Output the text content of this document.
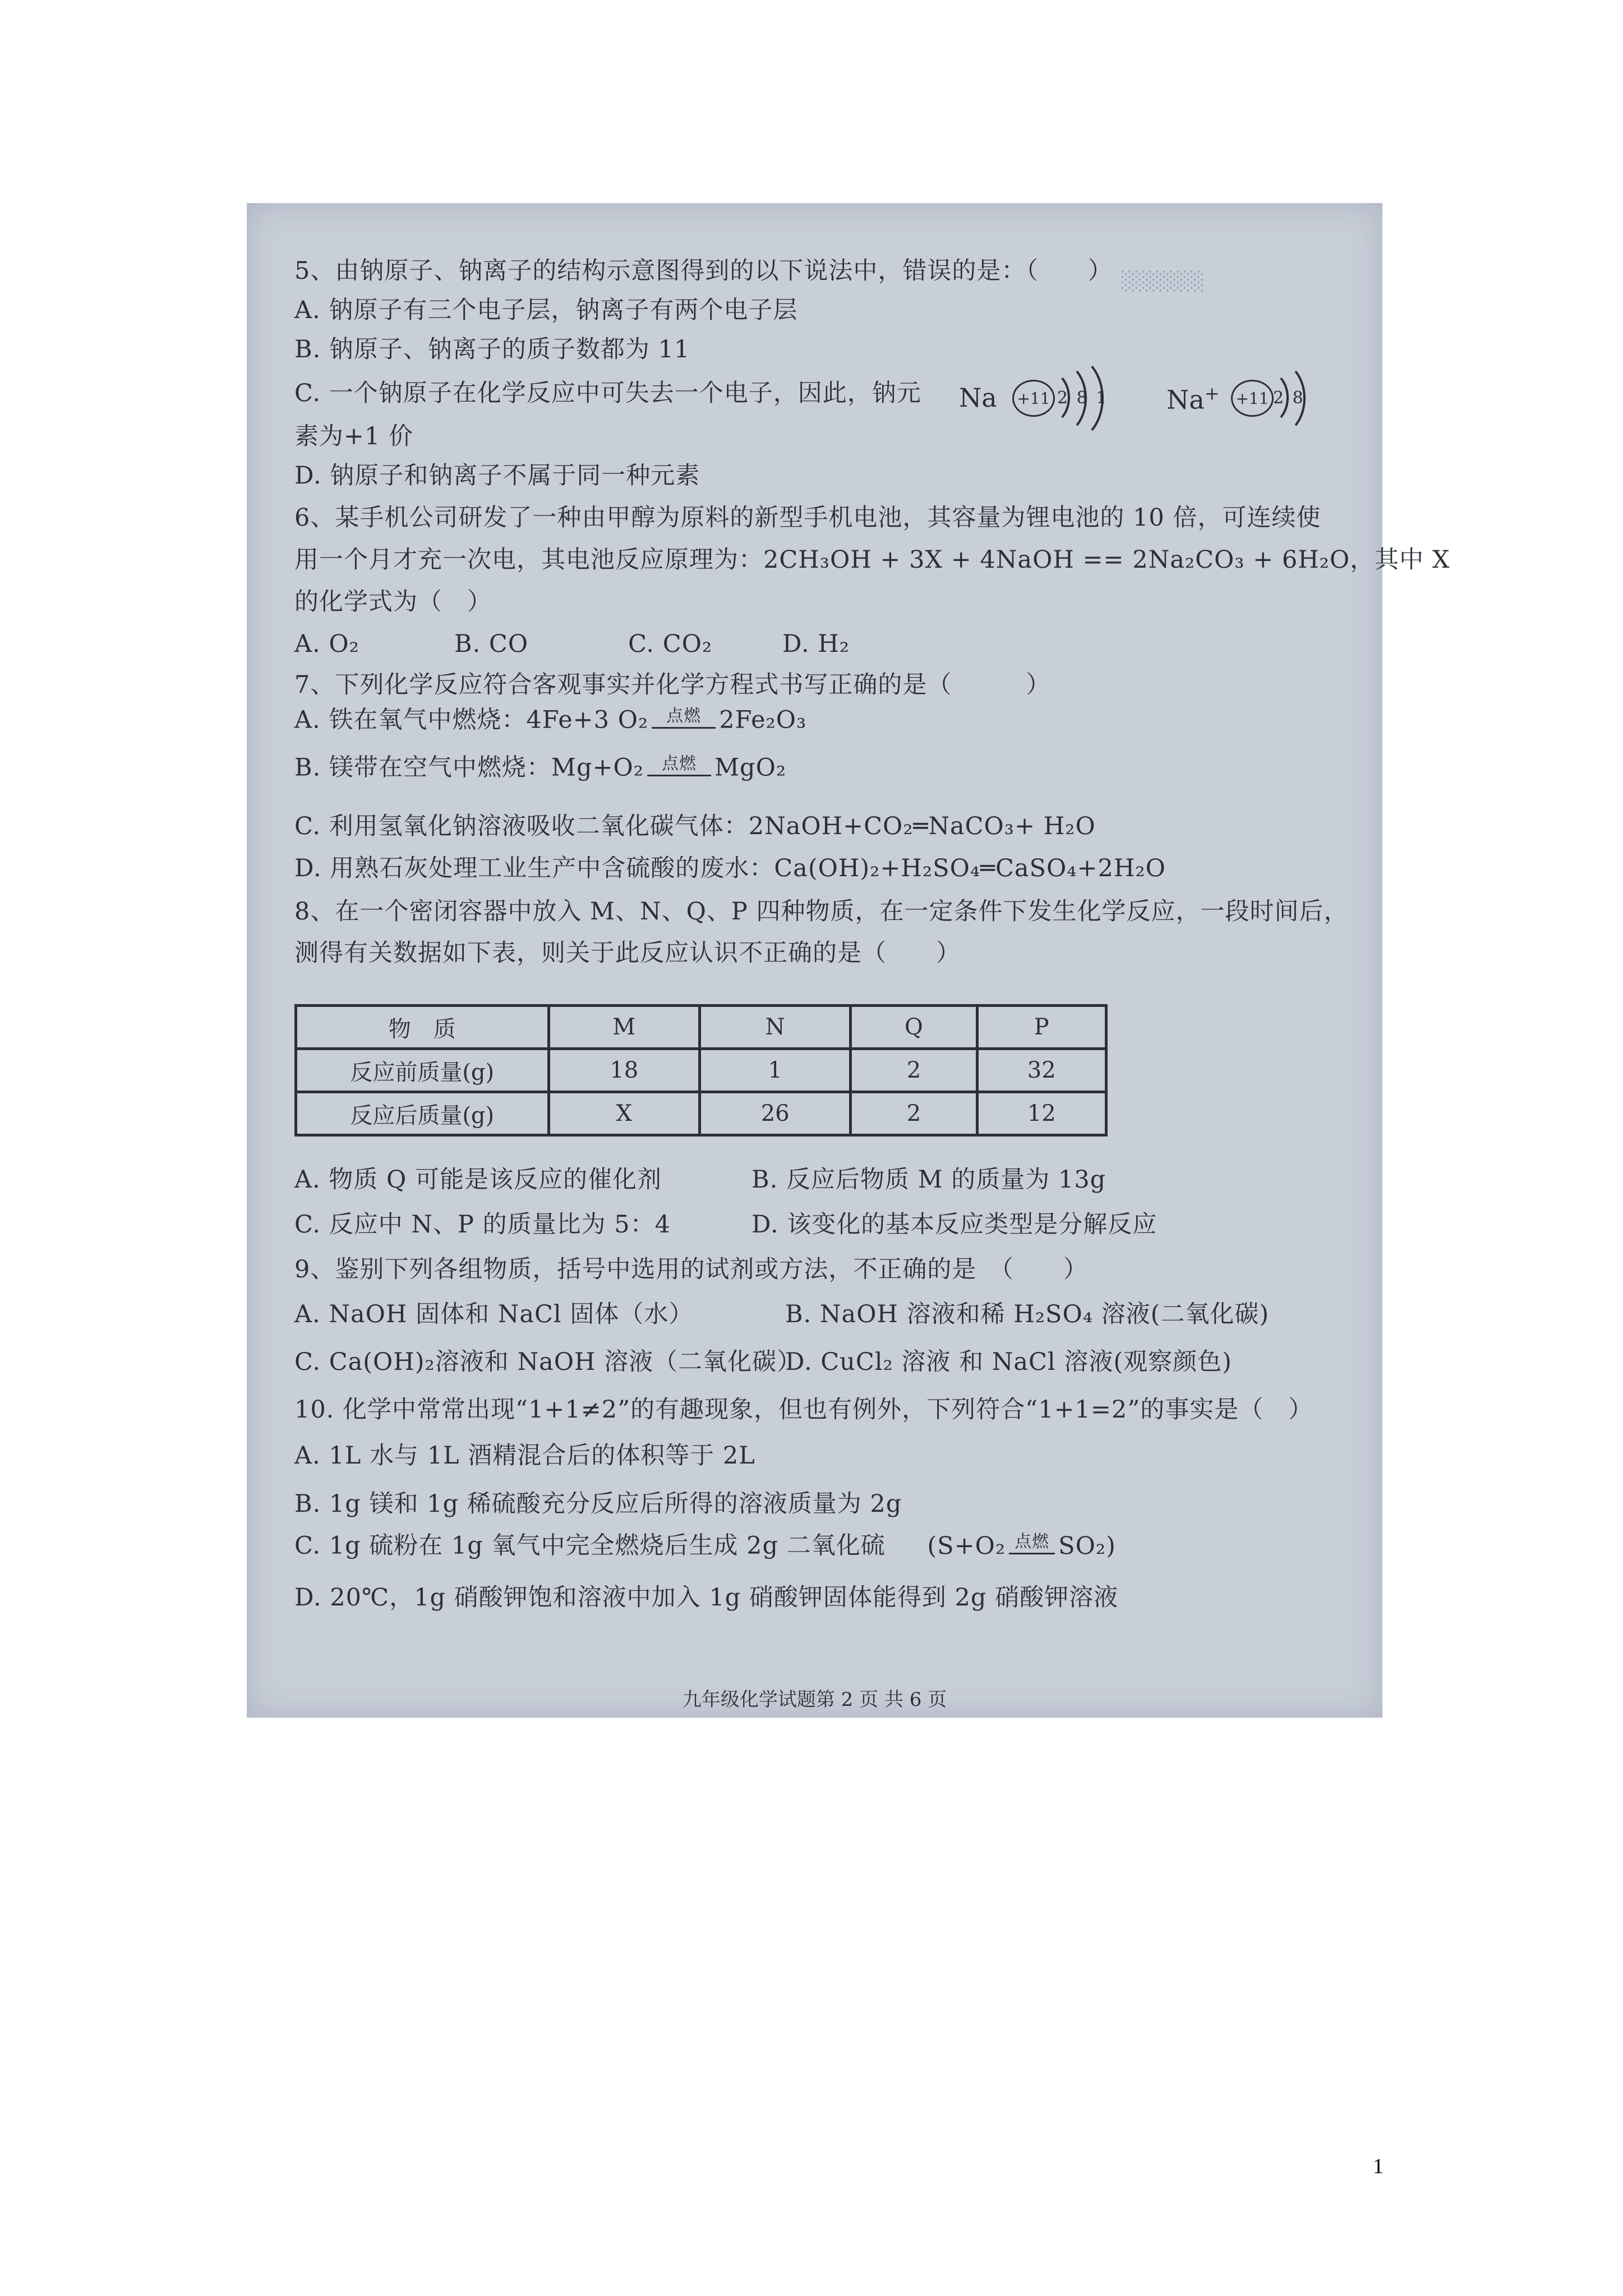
░░░░░░
5、由钠原子、钠离子的结构示意图得到的以下说法中，错误的是：（　　）
A. 钠原子有三个电子层，钠离子有两个电子层
B. 钠原子、钠离子的质子数都为 11
C. 一个钠原子在化学反应中可失去一个电子，因此，钠元
素为+1 价
D. 钠原子和钠离子不属于同一种元素
Na +11 2 8 1 Na+ +11 2 8
6、某手机公司研发了一种由甲醇为原料的新型手机电池，其容量为锂电池的 10 倍，可连续使
用一个月才充一次电，其电池反应原理为：2CH₃OH + 3X + 4NaOH == 2Na₂CO₃ + 6H₂O，其中 X
的化学式为（　）
A. O₂	B. CO	C. CO₂	D. H₂
7、下列化学反应符合客观事实并化学方程式书写正确的是（　　　）
A. 铁在氧气中燃烧：4Fe+3 O₂	点燃 2Fe₂O₃
B. 镁带在空气中燃烧：Mg+O₂	点燃 MgO₂
C. 利用氢氧化钠溶液吸收二氧化碳气体：2NaOH+CO₂═NaCO₃+ H₂O
D. 用熟石灰处理工业生产中含硫酸的废水：Ca(OH)₂+H₂SO₄═CaSO₄+2H₂O
8、在一个密闭容器中放入 M、N、Q、P 四种物质，在一定条件下发生化学反应，一段时间后，
测得有关数据如下表，则关于此反应认识不正确的是（　　）
物　质	M	N	Q	P
反应前质量(g)	18	1	2	32
反应后质量(g)	X	26	2	12
A. 物质 Q 可能是该反应的催化剂	B. 反应后物质 M 的质量为 13g
C. 反应中 N、P 的质量比为 5：4	D. 该变化的基本反应类型是分解反应
9、鉴别下列各组物质，括号中选用的试剂或方法，不正确的是　（　　）
A. NaOH 固体和 NaCl 固体（水）	B. NaOH 溶液和稀 H₂SO₄ 溶液(二氧化碳)
C. Ca(OH)₂溶液和 NaOH 溶液（二氧化碳）
D. CuCl₂ 溶液 和 NaCl 溶液(观察颜色)
10. 化学中常常出现“1+1≠2”的有趣现象，但也有例外，下列符合“1+1=2”的事实是（　）
A. 1L 水与 1L 酒精混合后的体积等于 2L
B. 1g 镁和 1g 稀硫酸充分反应后所得的溶液质量为 2g
C. 1g 硫粉在 1g 氧气中完全燃烧后生成 2g 二氧化硫 (S+O₂ 点燃 SO₂)
D. 20℃，1g 硝酸钾饱和溶液中加入 1g 硝酸钾固体能得到 2g 硝酸钾溶液
九年级化学试题第 2 页 共 6 页
1
